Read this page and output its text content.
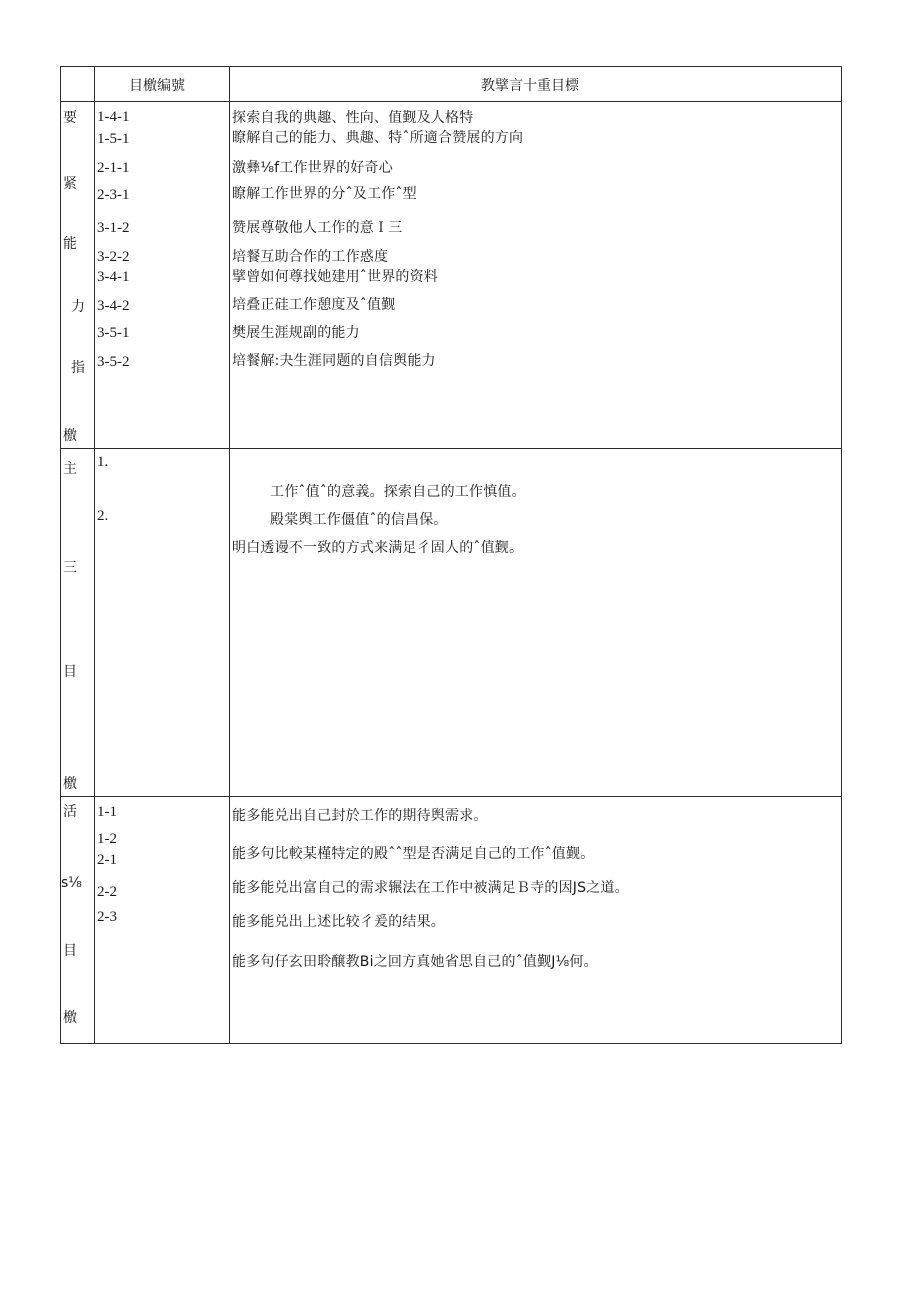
目檄编號	教擘言十重目標
要
紧
能
力
指
檄
1-4-1
1-5-1
2-1-1
2-3-1
3-1-2
3-2-2
3-4-1
3-4-2
3-5-1
3-5-2
探索自我的典趣、性向、值觐及人格特
瞭解自己的能力、典趣、特ˆ所適合赞展的方向
激彝⅛f工作世界的好奇心
瞭解工作世界的分ˆ及工作ˆ型
赞展尊敬他人工作的意Ｉ三
培餐互助合作的工作惑度
擘曾如何尊找她建用ˆ世界的资料
培叠正硅工作憩度及ˆ值觐
樊展生涯规副的能力
培餐解:夬生涯同题的自信舆能力
主
三
目
檄
1.
2.
工作ˆ值ˆ的意義。探索自己的工作慎值。
殿棠舆工作僵值ˆ的信昌保。
明白透谩不一致的方式来满足彳固人的ˆ值觐。
活
s⅛
目
檄
1-1
1-2
2-1
2-2
2-3
能多能兑出自己封於工作的期待舆需求。
能多句比較某槿特定的殿ˆˆ型是否满足自己的工作ˆ值觐。
能多能兑出富自己的需求辗法在工作中被满足Ｂ寺的因JS之道。
能多能兑出上述比较彳爰的结果。
能多句仔玄田聆醸教Bi之回方真她省思自己的ˆ值觐J⅛何。
